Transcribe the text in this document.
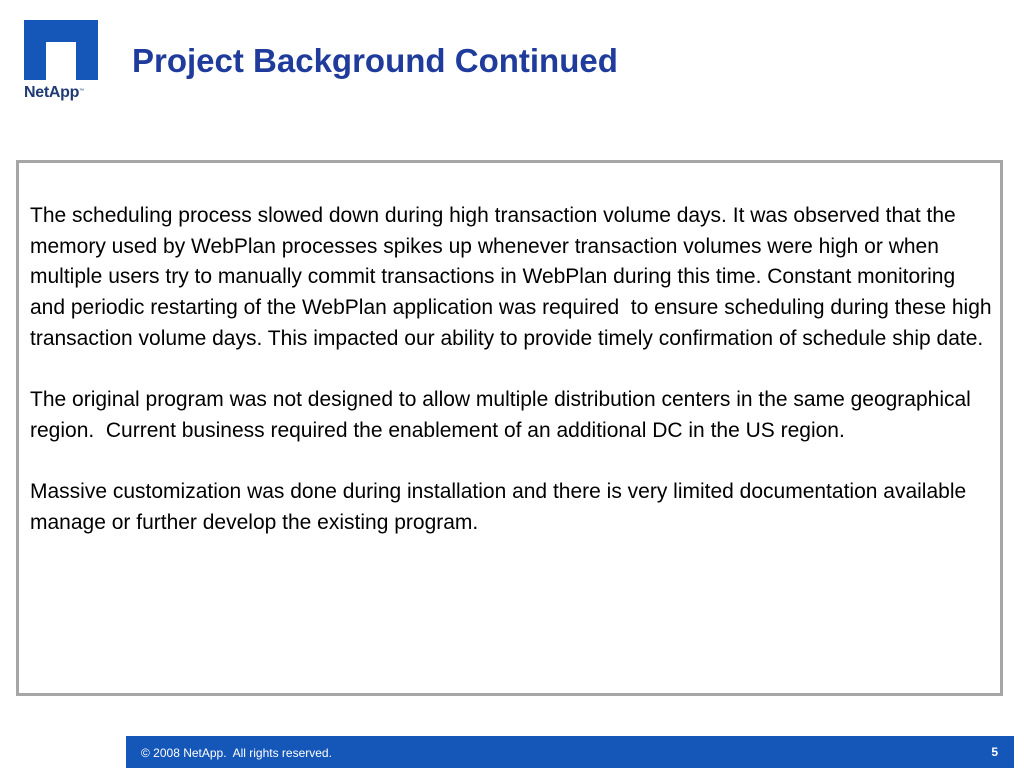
NetApp™
Project Background Continued

The scheduling process slowed down during high transaction volume days. It was observed that the memory used by WebPlan processes spikes up whenever transaction volumes were high or when multiple users try to manually commit transactions in WebPlan during this time. Constant monitoring and periodic restarting of the WebPlan application was required  to ensure scheduling during these high transaction volume days. This impacted our ability to provide timely confirmation of schedule ship date.

The original program was not designed to allow multiple distribution centers in the same geographical region.  Current business required the enablement of an additional DC in the US region.

Massive customization was done during installation and there is very limited documentation available manage or further develop the existing program.

© 2008 NetApp.  All rights reserved.	5
